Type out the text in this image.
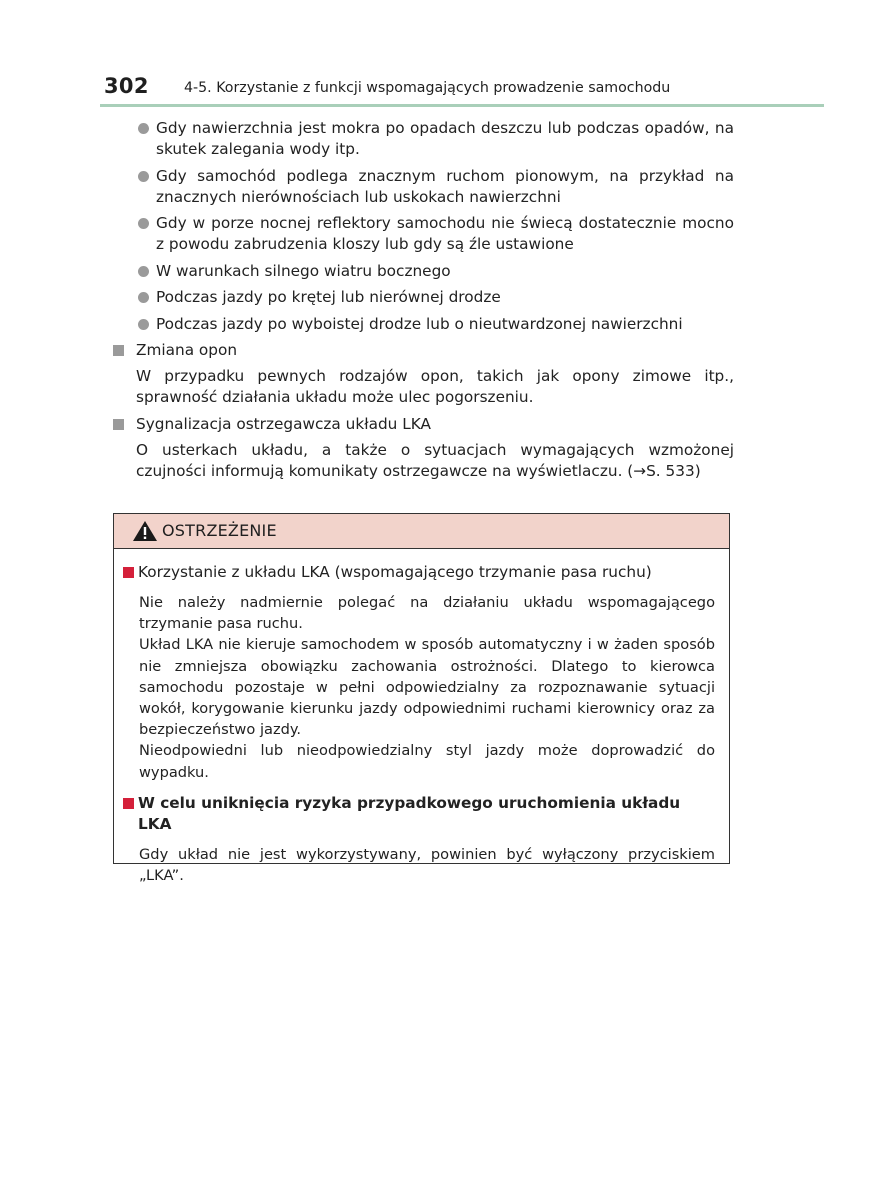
302 4-5. Korzystanie z funkcji wspomagających prowadzenie samochodu
Gdy nawierzchnia jest mokra po opadach deszczu lub podczas opadów, na skutek zalegania wody itp.
Gdy samochód podlega znacznym ruchom pionowym, na przykład na znacznych nierównościach lub uskokach nawierzchni
Gdy w porze nocnej reflektory samochodu nie świecą dostatecznie mocno z powodu zabrudzenia kloszy lub gdy są źle ustawione
W warunkach silnego wiatru bocznego
Podczas jazdy po krętej lub nierównej drodze
Podczas jazdy po wyboistej drodze lub o nieutwardzonej nawierzchni
Zmiana opon
W przypadku pewnych rodzajów opon, takich jak opony zimowe itp., sprawność działania układu może ulec pogorszeniu.
Sygnalizacja ostrzegawcza układu LKA
O usterkach układu, a także o sytuacjach wymagających wzmożonej czujności informują komunikaty ostrzegawcze na wyświetlaczu. (→S. 533)
OSTRZEŻENIE
Korzystanie z układu LKA (wspomagającego trzymanie pasa ruchu)
Nie należy nadmiernie polegać na działaniu układu wspomagającego trzymanie pasa ruchu.
Układ LKA nie kieruje samochodem w sposób automatyczny i w żaden sposób nie zmniejsza obowiązku zachowania ostrożności. Dlatego to kierowca samochodu pozostaje w pełni odpowiedzialny za rozpoznawanie sytuacji wokół, korygowanie kierunku jazdy odpowiednimi ruchami kierownicy oraz za bezpieczeństwo jazdy.
Nieodpowiedni lub nieodpowiedzialny styl jazdy może doprowadzić do wypadku.
W celu uniknięcia ryzyka przypadkowego uruchomienia układu LKA
Gdy układ nie jest wykorzystywany, powinien być wyłączony przyciskiem „LKA”.
